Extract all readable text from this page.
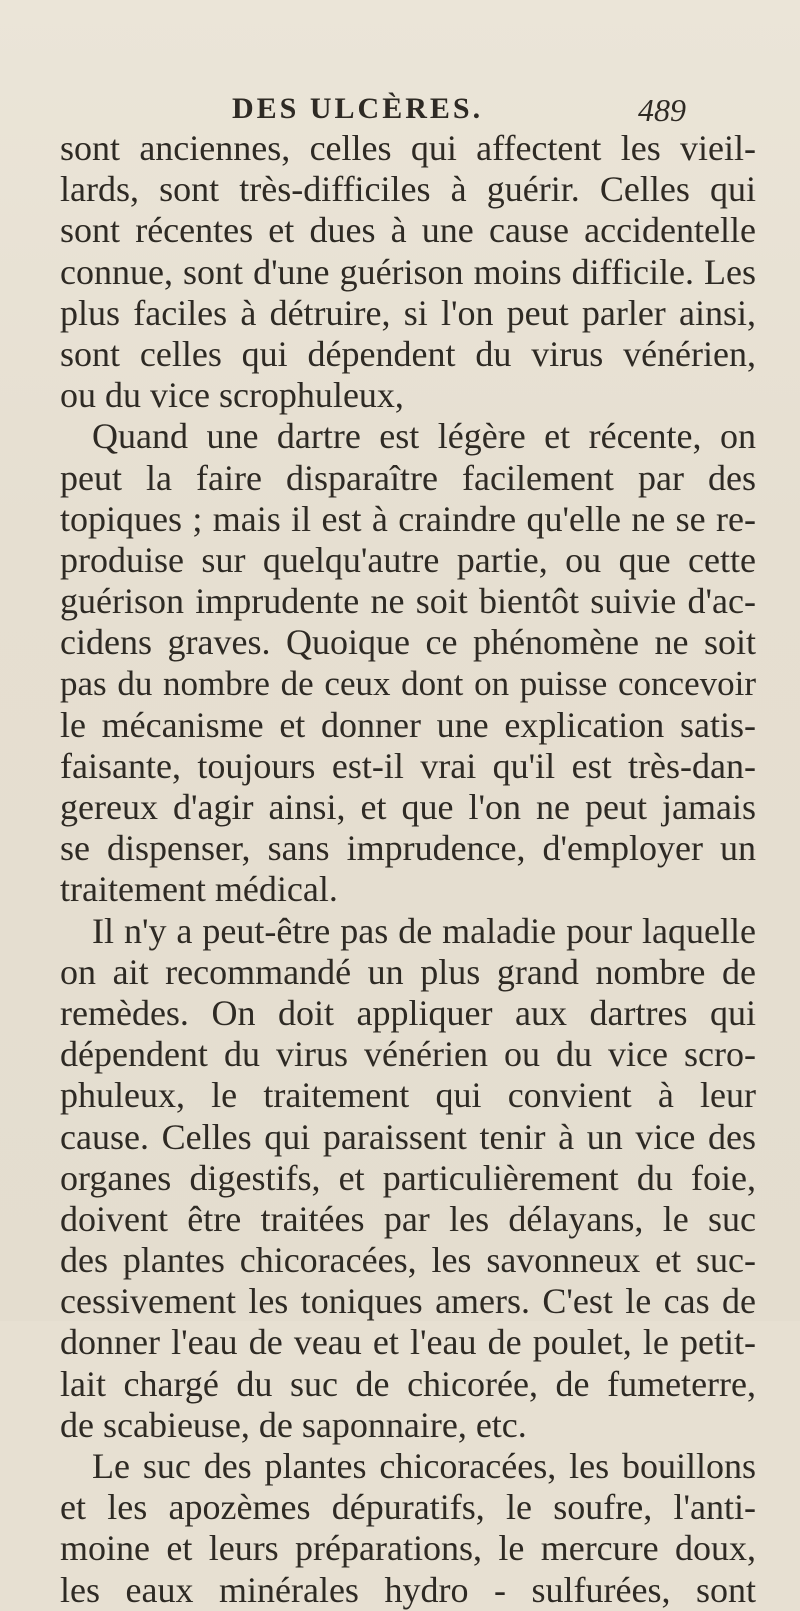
DES ULCÈRES.	489
sont anciennes, celles qui affectent les vieil-
lards, sont très-difficiles à guérir. Celles qui
sont récentes et dues à une cause accidentelle
connue, sont d'une guérison moins difficile. Les
plus faciles à détruire, si l'on peut parler ainsi,
sont celles qui dépendent du virus vénérien,
ou du vice scrophuleux,
Quand une dartre est légère et récente, on
peut la faire disparaître facilement par des
topiques ; mais il est à craindre qu'elle ne se re-
produise sur quelqu'autre partie, ou que cette
guérison imprudente ne soit bientôt suivie d'ac-
cidens graves. Quoique ce phénomène ne soit
pas du nombre de ceux dont on puisse concevoir
le mécanisme et donner une explication satis-
faisante, toujours est-il vrai qu'il est très-dan-
gereux d'agir ainsi, et que l'on ne peut jamais
se dispenser, sans imprudence, d'employer un
traitement médical.
Il n'y a peut-être pas de maladie pour laquelle
on ait recommandé un plus grand nombre de
remèdes. On doit appliquer aux dartres qui
dépendent du virus vénérien ou du vice scro-
phuleux, le traitement qui convient à leur
cause. Celles qui paraissent tenir à un vice des
organes digestifs, et particulièrement du foie,
doivent être traitées par les délayans, le suc
des plantes chicoracées, les savonneux et suc-
cessivement les toniques amers. C'est le cas de
donner l'eau de veau et l'eau de poulet, le petit-
lait chargé du suc de chicorée, de fumeterre,
de scabieuse, de saponnaire, etc.
Le suc des plantes chicoracées, les bouillons
et les apozèmes dépuratifs, le soufre, l'anti-
moine et leurs préparations, le mercure doux,
les eaux minérales hydro - sulfurées, sont
